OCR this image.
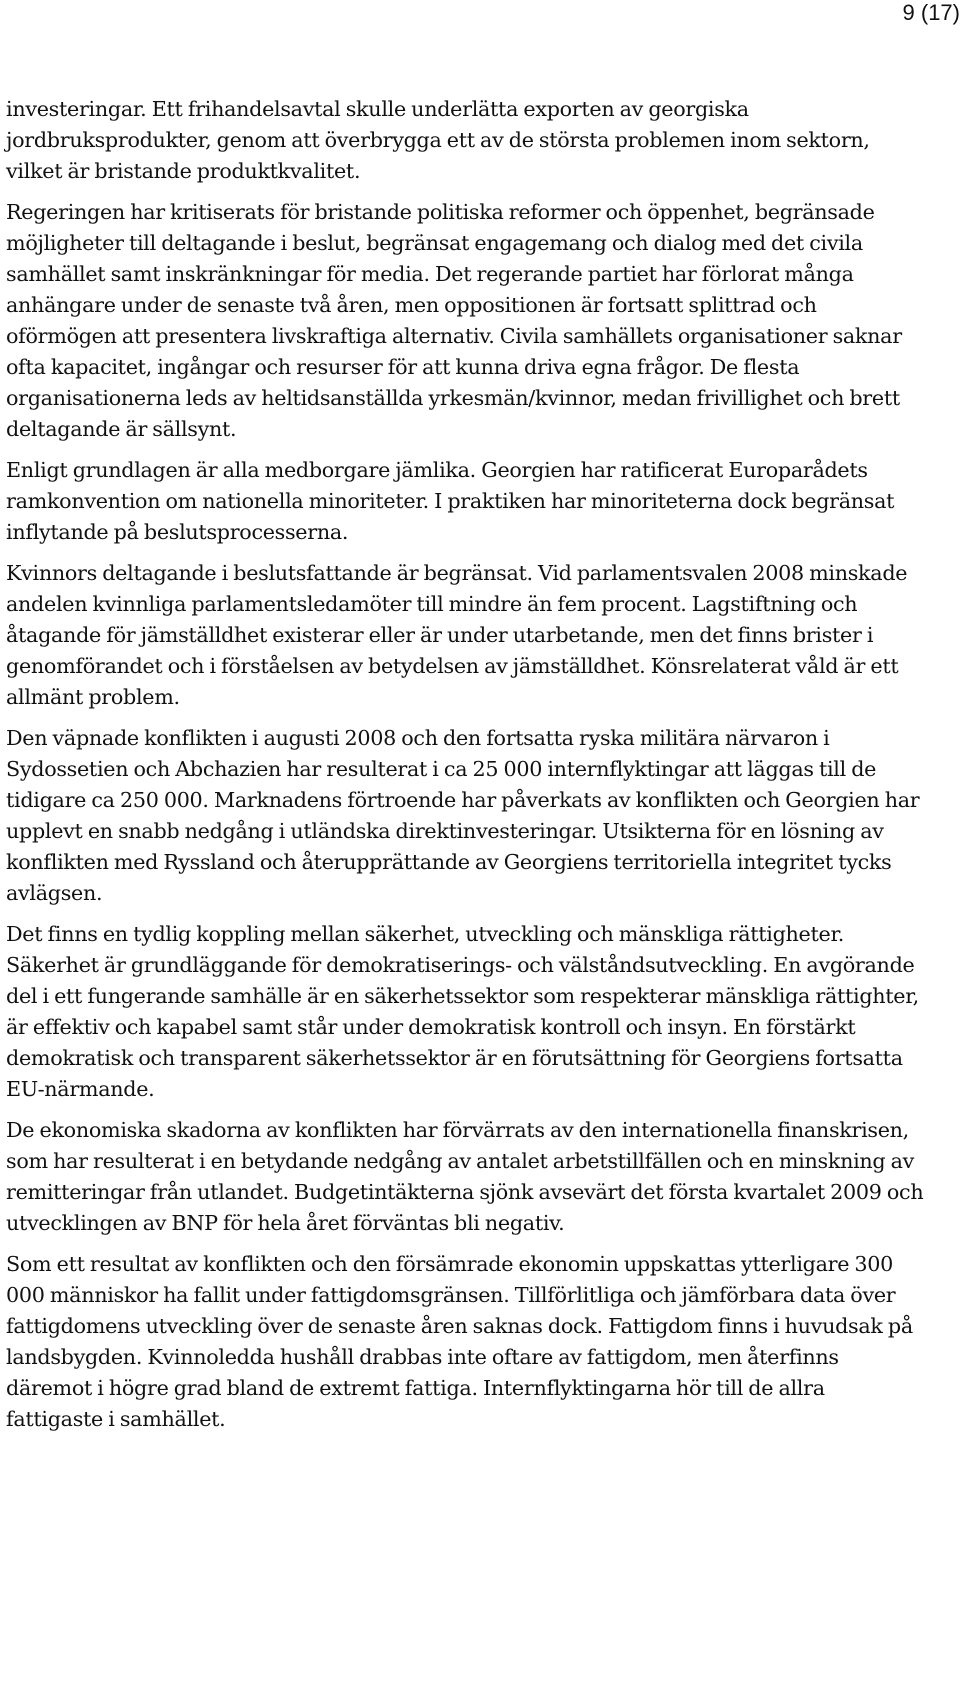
9 (17)

investeringar. Ett frihandelsavtal skulle underlätta exporten av georgiska jordbruksprodukter, genom att överbrygga ett av de största problemen inom sektorn, vilket är bristande produktkvalitet.

Regeringen har kritiserats för bristande politiska reformer och öppenhet, begränsade möjligheter till deltagande i beslut, begränsat engagemang och dialog med det civila samhället samt inskränkningar för media. Det regerande partiet har förlorat många anhängare under de senaste två åren, men oppositionen är fortsatt splittrad och oförmögen att presentera livskraftiga alternativ. Civila samhällets organisationer saknar ofta kapacitet, ingångar och resurser för att kunna driva egna frågor. De flesta organisationerna leds av heltidsanställda yrkesmän/kvinnor, medan frivillighet och brett deltagande är sällsynt.

Enligt grundlagen är alla medborgare jämlika. Georgien har ratificerat Europarådets ramkonvention om nationella minoriteter. I praktiken har minoriteterna dock begränsat inflytande på beslutsprocesserna.

Kvinnors deltagande i beslutsfattande är begränsat. Vid parlamentsvalen 2008 minskade andelen kvinnliga parlamentsledamöter till mindre än fem procent. Lagstiftning och åtagande för jämställdhet existerar eller är under utarbetande, men det finns brister i genomförandet och i förståelsen av betydelsen av jämställdhet. Könsrelaterat våld är ett allmänt problem.

Den väpnade konflikten i augusti 2008 och den fortsatta ryska militära närvaron i Sydossetien och Abchazien har resulterat i ca 25 000 internflyktingar att läggas till de tidigare ca 250 000. Marknadens förtroende har påverkats av konflikten och Georgien har upplevt en snabb nedgång i utländska direktinvesteringar. Utsikterna för en lösning av konflikten med Ryssland och återupprättande av Georgiens territoriella integritet tycks avlägsen.

Det finns en tydlig koppling mellan säkerhet, utveckling och mänskliga rättigheter. Säkerhet är grundläggande för demokratiserings- och välståndsutveckling. En avgörande del i ett fungerande samhälle är en säkerhetssektor som respekterar mänskliga rättighter, är effektiv och kapabel samt står under demokratisk kontroll och insyn. En förstärkt demokratisk och transparent säkerhetssektor är en förutsättning för Georgiens fortsatta EU-närmande.

De ekonomiska skadorna av konflikten har förvärrats av den internationella finanskrisen, som har resulterat i en betydande nedgång av antalet arbetstillfällen och en minskning av remitteringar från utlandet. Budgetintäkterna sjönk avsevärt det första kvartalet 2009 och utvecklingen av BNP för hela året förväntas bli negativ.

Som ett resultat av konflikten och den försämrade ekonomin uppskattas ytterligare 300 000 människor ha fallit under fattigdomsgränsen. Tillförlitliga och jämförbara data över fattigdomens utveckling över de senaste åren saknas dock. Fattigdom finns i huvudsak på landsbygden. Kvinnoledda hushåll drabbas inte oftare av fattigdom, men återfinns däremot i högre grad bland de extremt fattiga. Internflyktingarna hör till de allra fattigaste i samhället.
